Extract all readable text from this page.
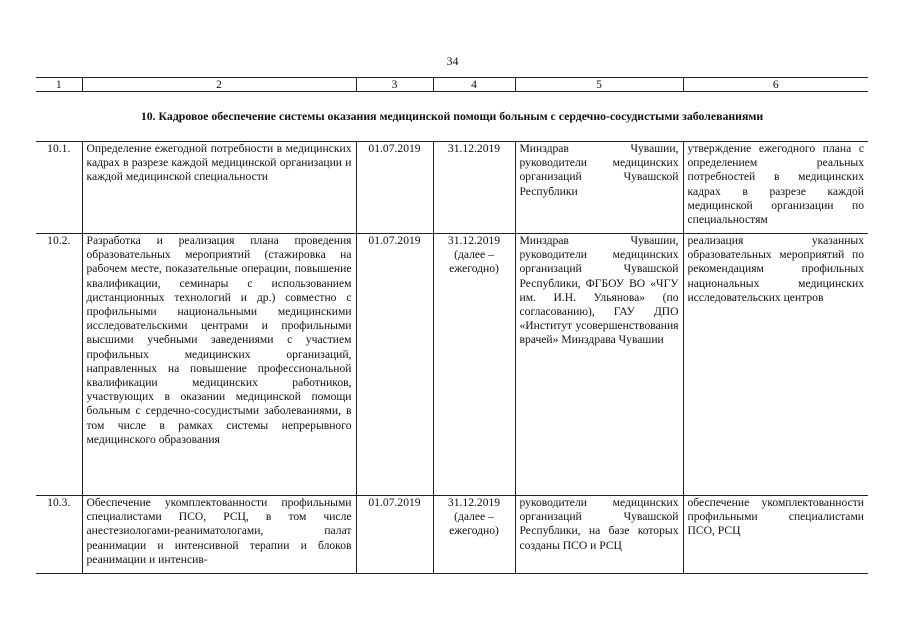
34
1	2	3	4	5	6
10. Кадровое обеспечение системы оказания медицинской помощи больным с сердечно-сосудистыми заболеваниями					
10.1.	Определение ежегодной потребности в медицинских кадрах в разрезе каждой медицинской организации и каждой медицинской специальности	01.07.2019	31.12.2019	Минздрав Чувашии, руководители медицинских организаций Чувашской Республики	утверждение ежегодного плана с определением реальных потребностей в медицинских кадрах в разрезе каждой медицинской организации по специальностям
10.2.	Разработка и реализация плана проведения образовательных мероприятий (стажировка на рабочем месте, показательные операции, повышение квалификации, семинары с использованием дистанционных технологий и др.) совместно с профильными национальными медицинскими исследовательскими центрами и профильными высшими учебными заведениями с участием профильных медицинских организаций, направленных на повышение профессиональной квалификации медицинских работников, участвующих в оказании медицинской помощи больным с сердечно-сосудистыми заболеваниями, в том числе в рамках системы непрерывного медицинского образования	01.07.2019	31.12.2019 (далее – ежегодно)	Минздрав Чувашии, руководители медицинских организаций Чувашской Республики, ФГБОУ ВО «ЧГУ им. И.Н. Ульянова» (по согласованию), ГАУ ДПО «Институт усовершенствования врачей» Минздрава Чувашии	реализация указанных образовательных мероприятий по рекомендациям профильных национальных медицинских исследовательских центров
10.3.	Обеспечение укомплектованности профильными специалистами ПСО, РСЦ, в том числе анестезиологами-реаниматологами, палат реанимации и интенсивной терапии и блоков реанимации и интенсив-	01.07.2019	31.12.2019 (далее – ежегодно)	руководители медицинских организаций Чувашской Республики, на базе которых созданы ПСО и РСЦ	обеспечение укомплектованности профильными специалистами ПСО, РСЦ
